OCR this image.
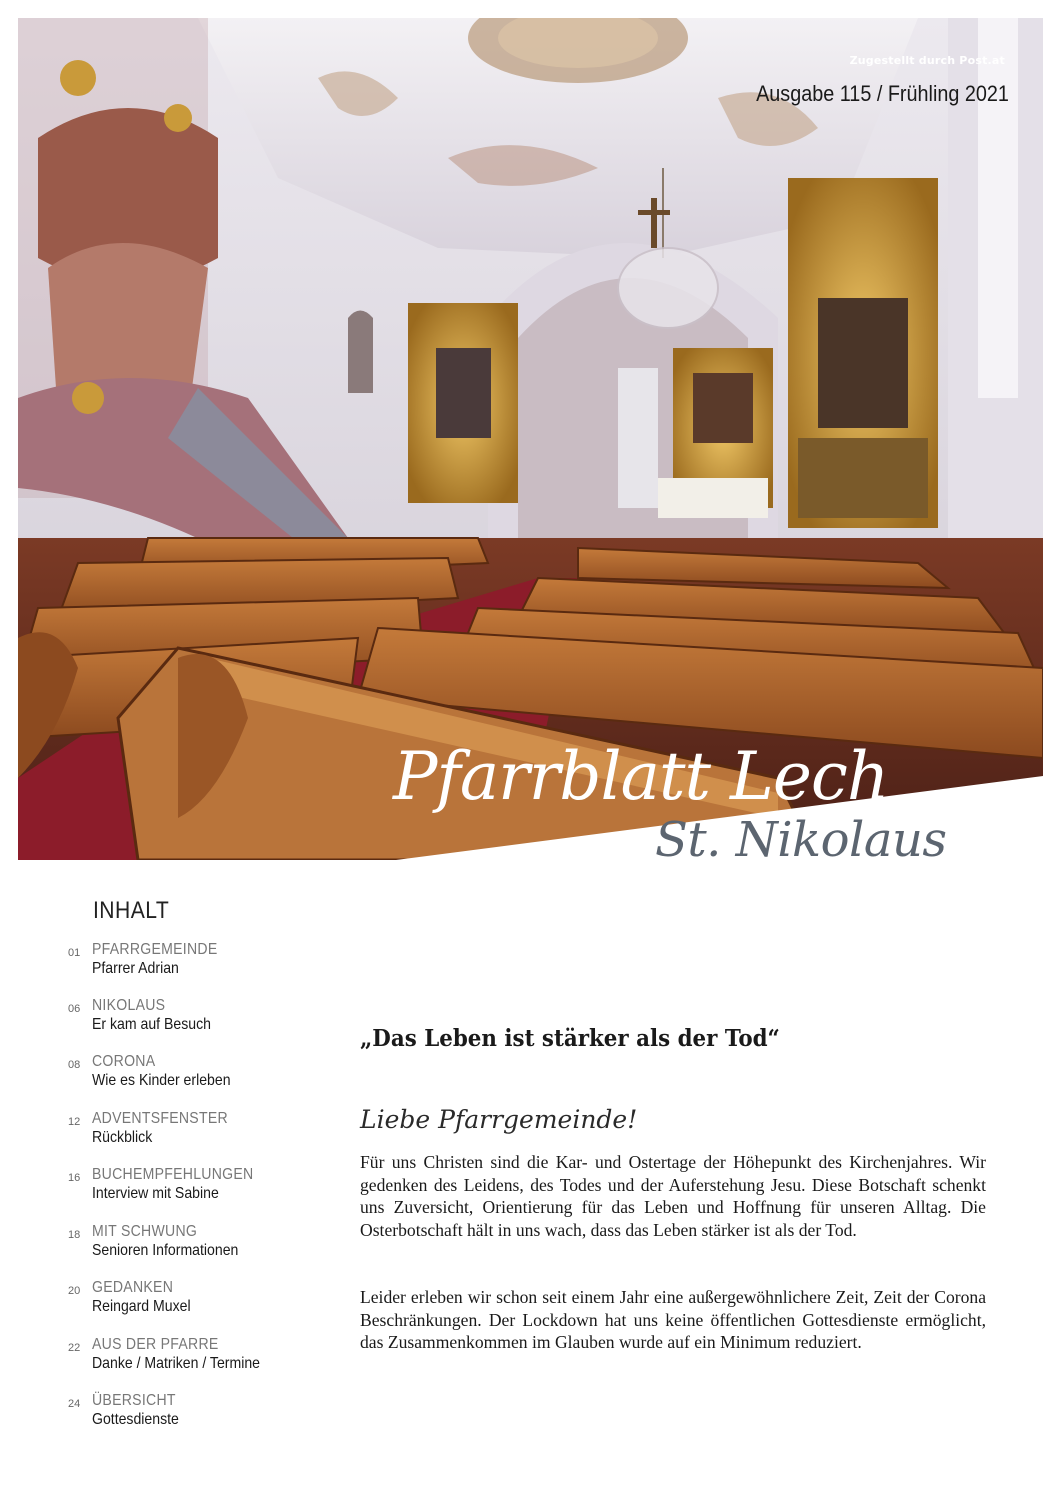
Zugestellt durch Post.at
Ausgabe 115 / Frühling 2021
Pfarrblatt Lech
St. Nikolaus
INHALT
01 PFARRGEMEINDE
Pfarrer Adrian
06 NIKOLAUS
Er kam auf Besuch
08 CORONA
Wie es Kinder erleben
12 ADVENTSFENSTER
Rückblick
16 BUCHEMPFEHLUNGEN
Interview mit Sabine
18 MIT SCHWUNG
Senioren Informationen
20 GEDANKEN
Reingard Muxel
22 AUS DER PFARRE
Danke / Matriken / Termine
24 ÜBERSICHT
Gottesdienste
„Das Leben ist stärker als der Tod“
Liebe Pfarrgemeinde!

Für uns Christen sind die Kar- und Ostertage der Höhepunkt des Kirchenjahres. Wir gedenken des Leidens, des Todes und der Auferstehung Jesu. Diese Botschaft schenkt uns Zuversicht, Orientierung für das Leben und Hoffnung für unseren Alltag. Die Osterbotschaft hält in uns wach, dass das Leben stärker ist als der Tod.

Leider erleben wir schon seit einem Jahr eine außergewöhnlichere Zeit, Zeit der Corona Beschränkungen. Der Lockdown hat uns keine öffentlichen Gottesdienste ermöglicht, das Zusammenkommen im Glauben wurde auf ein Minimum reduziert.
